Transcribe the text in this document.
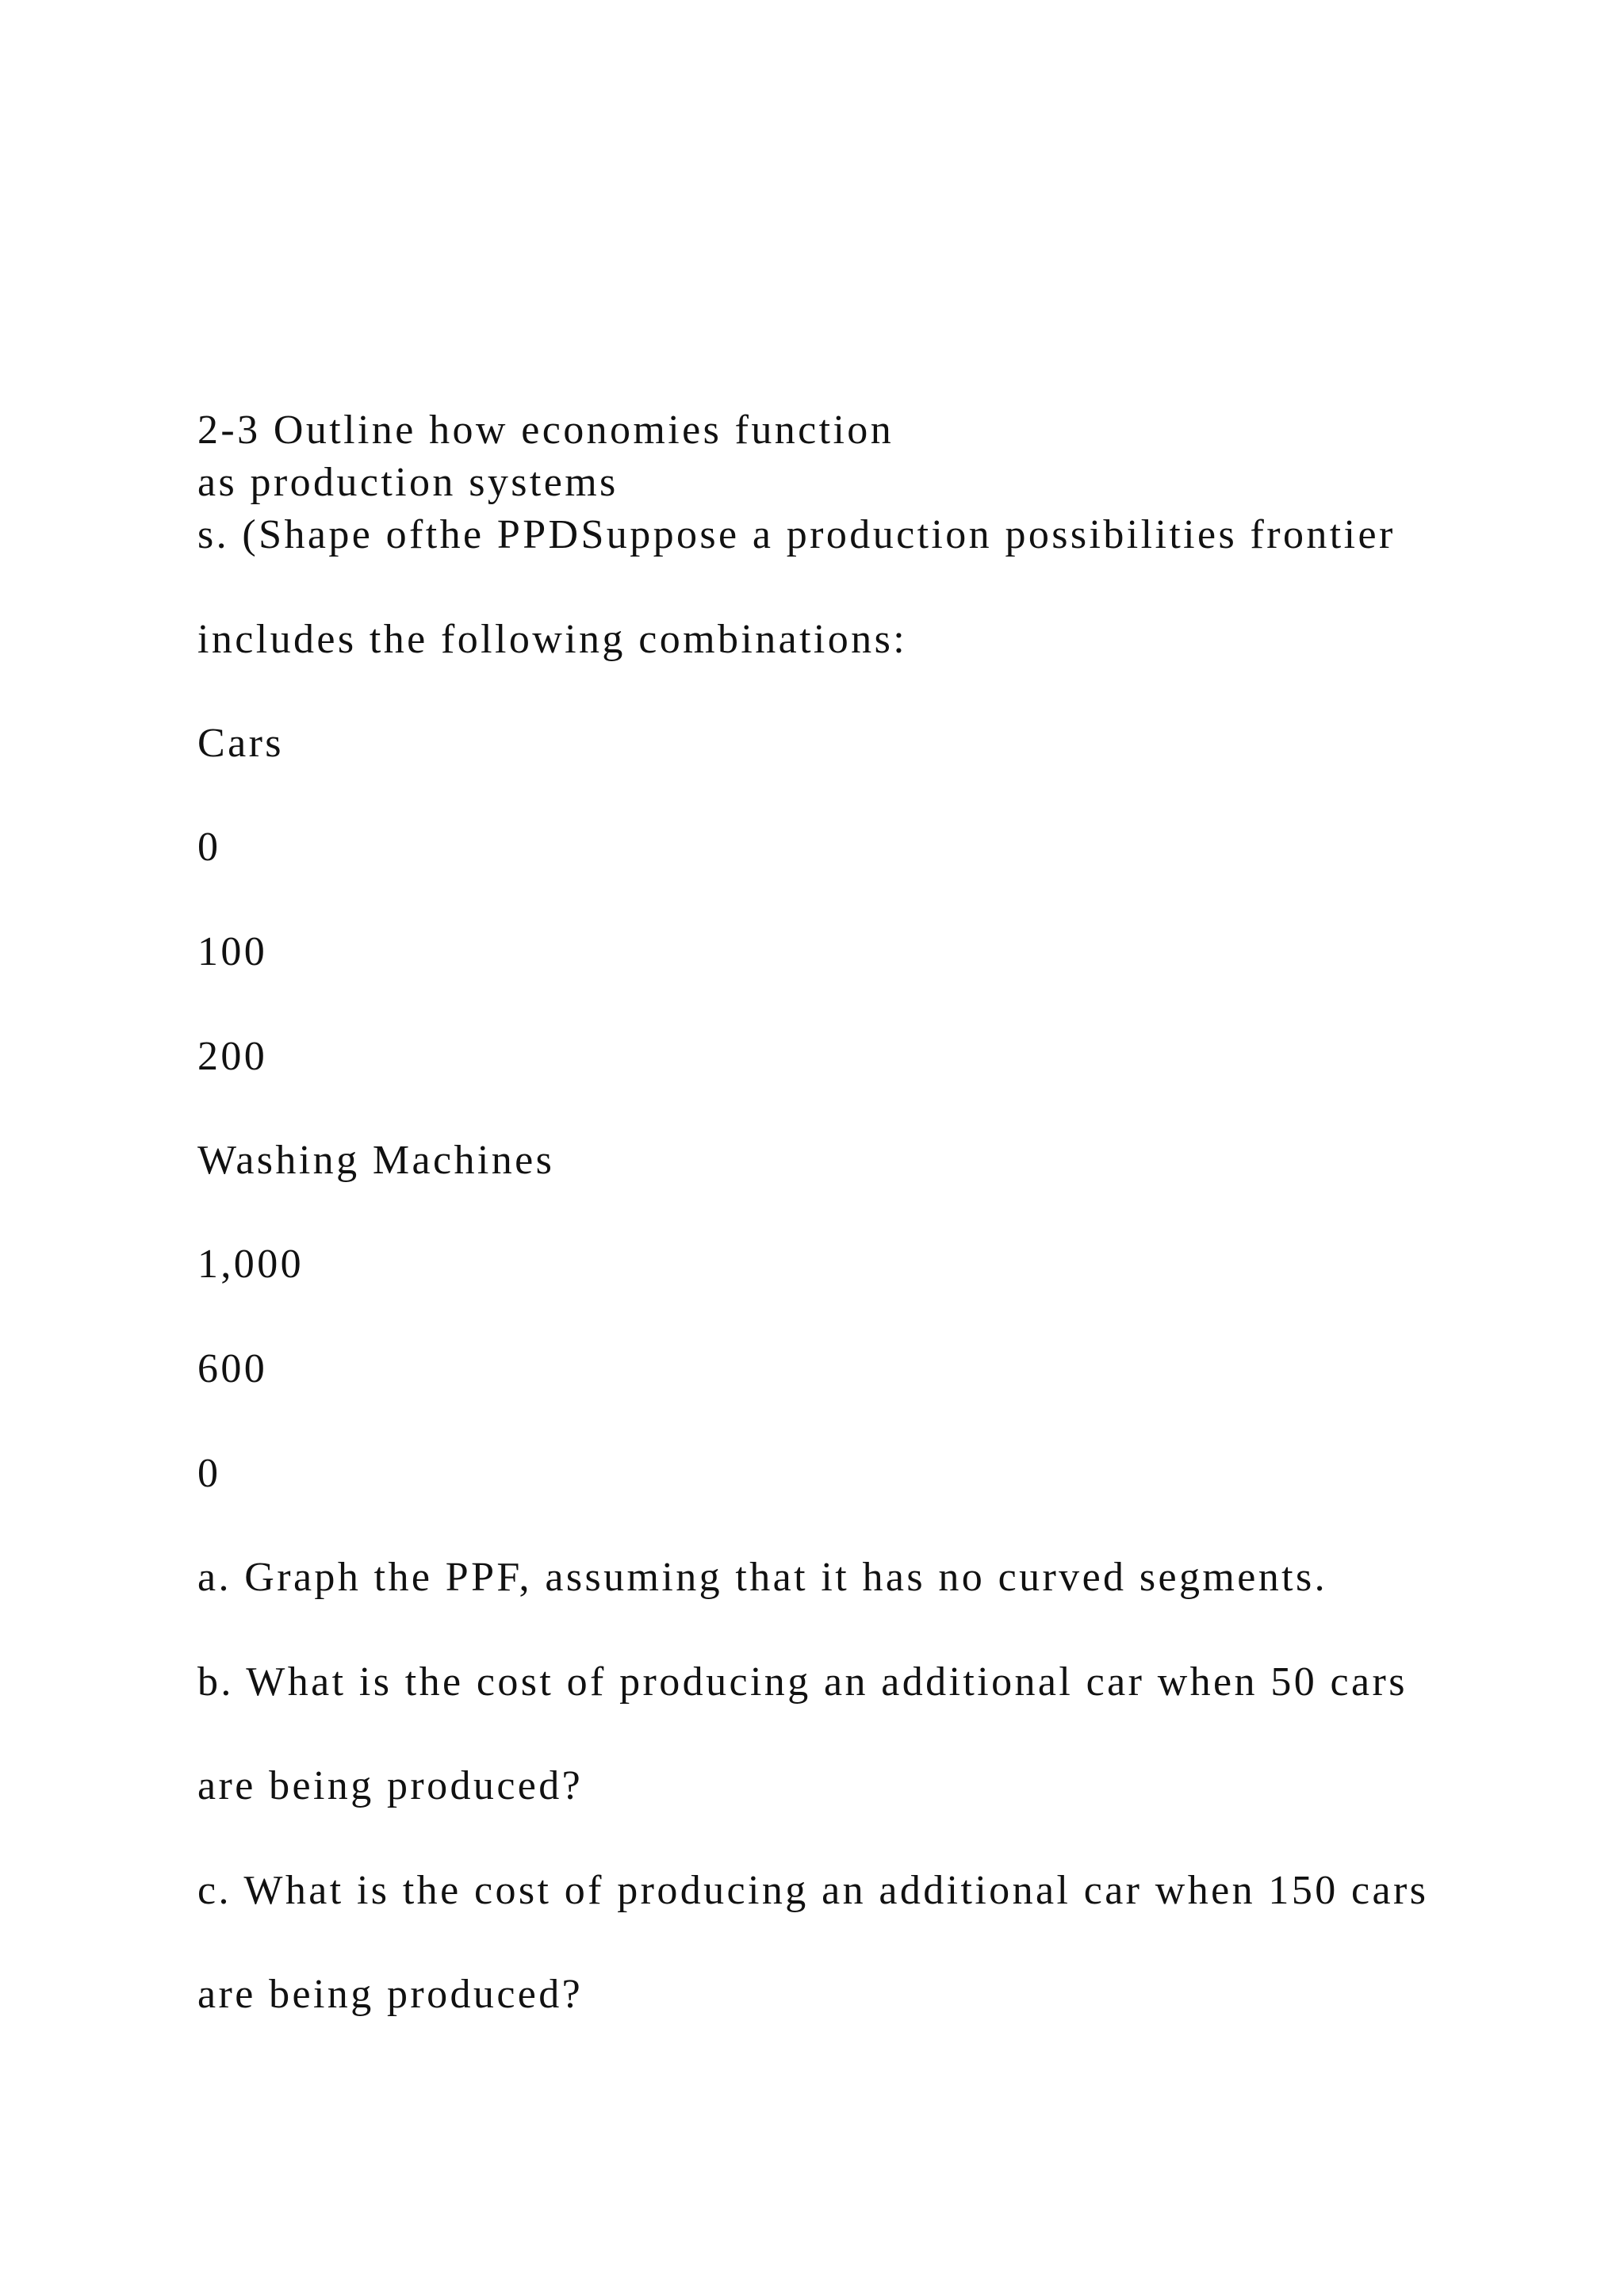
2-3 Outline how economies function

as production systems

s. (Shape ofthe PPDSuppose a production possibilities frontier

includes the following combinations:

Cars

0

100

200

Washing Machines

1,000

600

0

a. Graph the PPF, assuming that it has no curved segments.

b. What is the cost of producing an additional car when 50 cars

are being produced?

c. What is the cost of producing an additional car when 150 cars

are being produced?
